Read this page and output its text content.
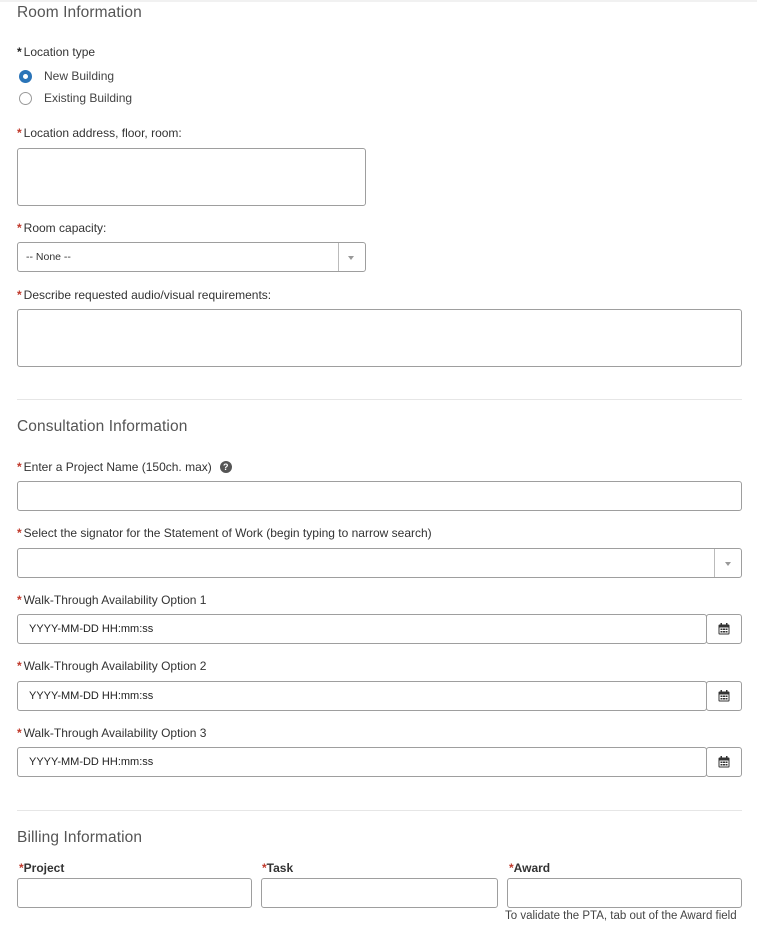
Room Information
* Location type
New Building
Existing Building
* Location address, floor, room:
* Room capacity:
-- None --
* Describe requested audio/visual requirements:
Consultation Information
* Enter a Project Name (150ch. max)	?
* Select the signator for the Statement of Work (begin typing to narrow search)
* Walk-Through Availability Option 1
YYYY-MM-DD HH:mm:ss
* Walk-Through Availability Option 2
YYYY-MM-DD HH:mm:ss
* Walk-Through Availability Option 3
YYYY-MM-DD HH:mm:ss
Billing Information
*Project	*Task	*Award
To validate the PTA, tab out of the Award field
